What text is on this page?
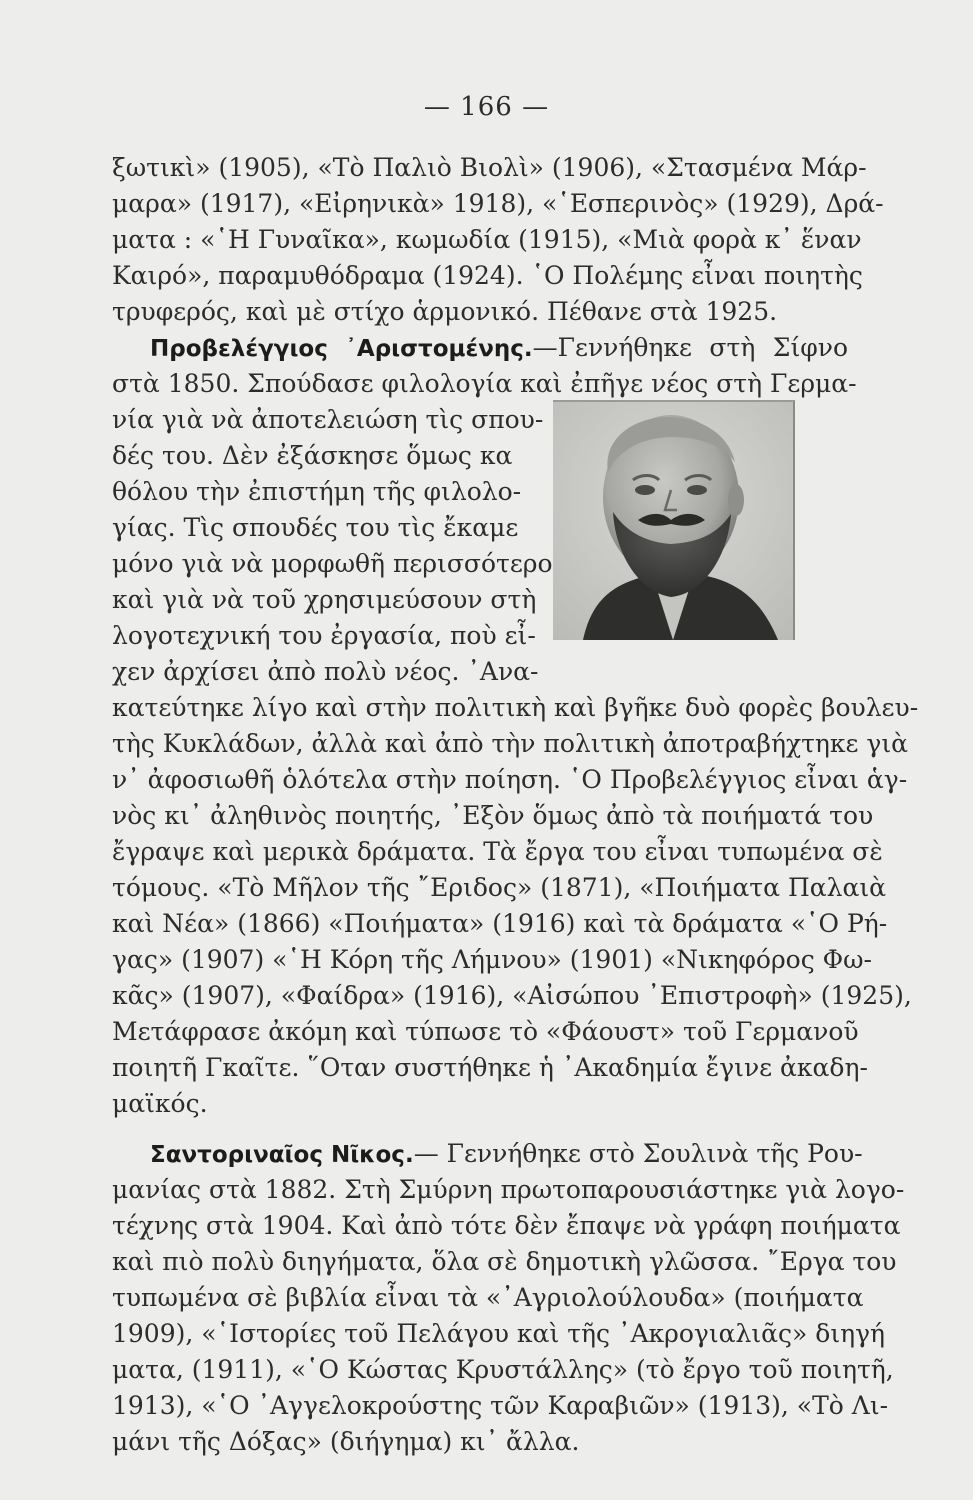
— 166 —
ξωτικὶ» (1905), «Τὸ Παλιὸ Βιολὶ» (1906), «Στασμένα Μάρ-
μαρα» (1917), «Εἰρηνικὰ» 1918), «῾Εσπερινὸς» (1929), Δρά-
ματα : «῾Η Γυναῖκα», κωμωδία (1915), «Μιὰ φορὰ κ᾽ ἕναν
Καιρό», παραμυθόδραμα (1924). ῾Ο Πολέμης εἶναι ποιητὴς
τρυφερός, καὶ μὲ στίχο ἁρμονικό. Πέθανε στὰ 1925.
Προβελέγγιος ᾽Αριστομένης.—Γεννήθηκε στὴ Σίφνο
στὰ 1850. Σπούδασε φιλολογία καὶ ἐπῆγε νέος στὴ Γερμα-
νία γιὰ νὰ ἀποτελειώση τὶς σπου-
δές του. Δὲν ἐξάσκησε ὅμως κα
θόλου τὴν ἐπιστήμη τῆς φιλολο-
γίας. Τὶς σπουδές του τὶς ἔκαμε
μόνο γιὰ νὰ μορφωθῆ περισσότερο
καὶ γιὰ νὰ τοῦ χρησιμεύσουν στὴ
λογοτεχνική του ἐργασία, ποὺ εἶ-
χεν ἀρχίσει ἀπὸ πολὺ νέος. ᾽Ανα-
κατεύτηκε λίγο καὶ στὴν πολιτικὴ καὶ βγῆκε δυὸ φορὲς βουλευ-
τὴς Κυκλάδων, ἀλλὰ καὶ ἀπὸ τὴν πολιτικὴ ἀποτραβήχτηκε γιὰ
ν᾽ ἀφοσιωθῆ ὁλότελα στὴν ποίηση. ῾Ο Προβελέγγιος εἶναι ἁγ-
νὸς κι᾽ ἀληθινὸς ποιητής, ᾽Εξὸν ὅμως ἀπὸ τὰ ποιήματά του
ἔγραψε καὶ μερικὰ δράματα. Τὰ ἔργα του εἶναι τυπωμένα σὲ
τόμους. «Τὸ Μῆλον τῆς ῎Εριδος» (1871), «Ποιήματα Παλαιὰ
καὶ Νέα» (1866) «Ποιήματα» (1916) καὶ τὰ δράματα «῾Ο Ρή-
γας» (1907) «῾Η Κόρη τῆς Λήμνου» (1901) «Νικηφόρος Φω-
κᾶς» (1907), «Φαίδρα» (1916), «Αἰσώπου ᾽Επιστροφὴ» (1925),
Μετάφρασε ἀκόμη καὶ τύπωσε τὸ «Φάουστ» τοῦ Γερμανοῦ
ποιητῆ Γκαῖτε. ῞Οταν συστήθηκε ἡ ᾽Ακαδημία ἔγινε ἀκαδη-
μαϊκός.
Σαντοριναῖος Νῖκος.— Γεννήθηκε στὸ Σουλινὰ τῆς Ρου-
μανίας στὰ 1882. Στὴ Σμύρνη πρωτοπαρουσιάστηκε γιὰ λογο-
τέχνης στὰ 1904. Καὶ ἀπὸ τότε δὲν ἔπαψε νὰ γράφη ποιήματα
καὶ πιὸ πολὺ διηγήματα, ὅλα σὲ δημοτικὴ γλῶσσα. ῎Εργα του
τυπωμένα σὲ βιβλία εἶναι τὰ «᾽Αγριολούλουδα» (ποιήματα
1909), «῾Ιστορίες τοῦ Πελάγου καὶ τῆς ᾽Ακρογιαλιᾶς» διηγή
ματα, (1911), «῾Ο Κώστας Κρυστάλλης» (τὸ ἔργο τοῦ ποιητῆ,
1913), «῾Ο ᾽Αγγελοκρούστης τῶν Καραβιῶν» (1913), «Τὸ Λι-
μάνι τῆς Δόξας» (διήγημα) κι᾽ ἄλλα.
